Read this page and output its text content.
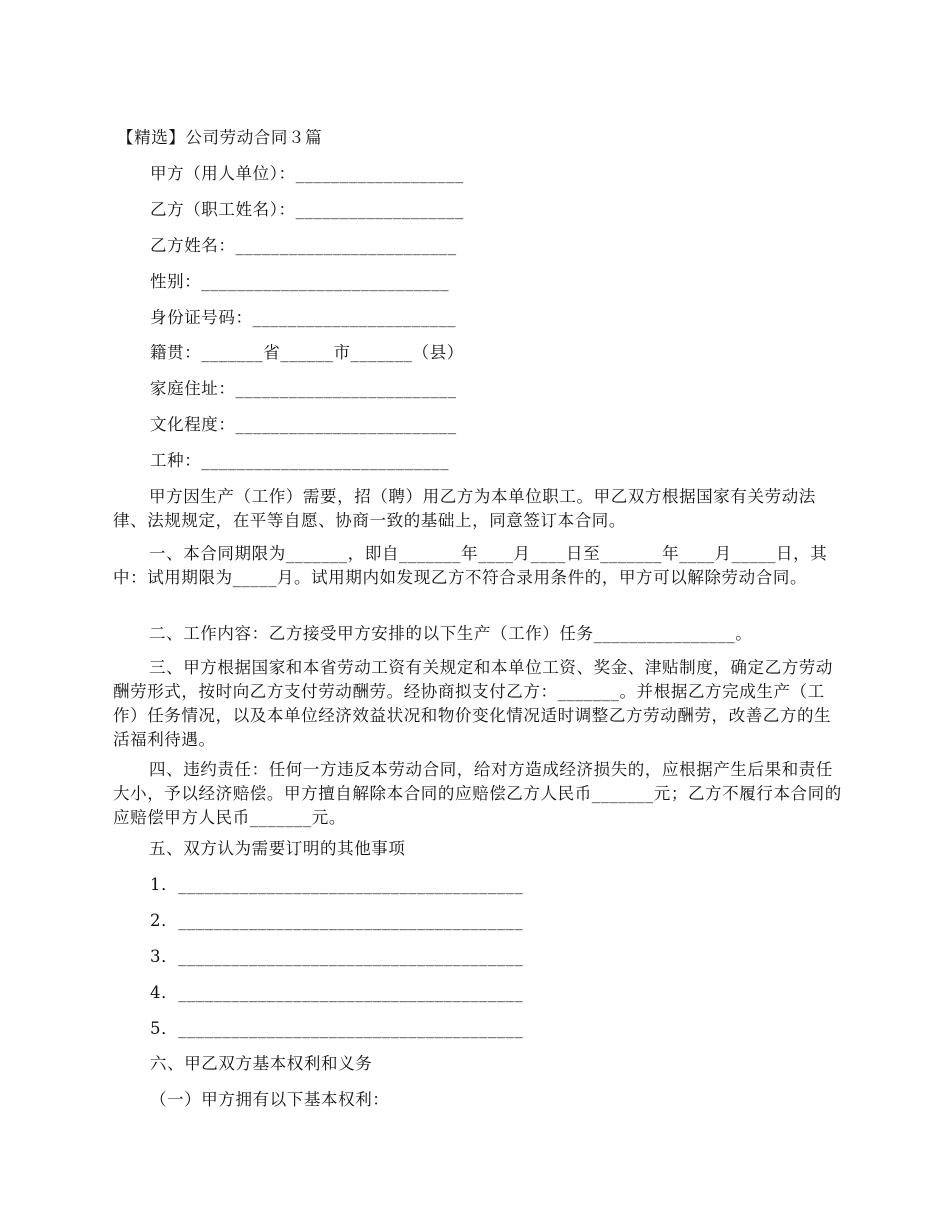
【精选】公司劳动合同３篇
甲方（用人单位）：___________________
乙方（职工姓名）：___________________
乙方姓名：_________________________
性别：____________________________
身份证号码：_______________________
籍贯：_______省______市_______（县）
家庭住址：_________________________
文化程度：_________________________
工种：____________________________
甲方因生产（工作）需要，招（聘）用乙方为本单位职工。甲乙双方根据国家有关劳动法律、法规规定，在平等自愿、协商一致的基础上，同意签订本合同。
一、本合同期限为_______，即自_______年____月____日至_______年____月_____日，其中：试用期限为_____月。试用期内如发现乙方不符合录用条件的，甲方可以解除劳动合同。
二、工作内容：乙方接受甲方安排的以下生产（工作）任务________________。
三、甲方根据国家和本省劳动工资有关规定和本单位工资、奖金、津贴制度，确定乙方劳动酬劳形式，按时向乙方支付劳动酬劳。经协商拟支付乙方：_______。并根据乙方完成生产（工作）任务情况，以及本单位经济效益状况和物价变化情况适时调整乙方劳动酬劳，改善乙方的生活福利待遇。
四、违约责任：任何一方违反本劳动合同，给对方造成经济损失的，应根据产生后果和责任大小，予以经济赔偿。甲方擅自解除本合同的应赔偿乙方人民币_______元；乙方不履行本合同的应赔偿甲方人民币_______元。
五、双方认为需要订明的其他事项
1．_______________________________________
2．_______________________________________
3．_______________________________________
4．_______________________________________
5．_______________________________________
六、甲乙双方基本权利和义务
（一）甲方拥有以下基本权利：
